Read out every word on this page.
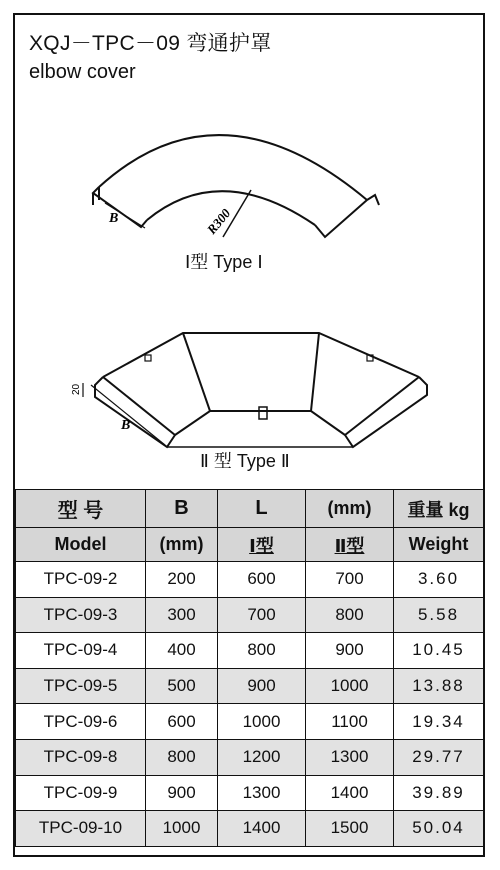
XQJ－TPC－09 弯通护罩
elbow cover
B	R300
20
B
Ⅰ型 Type Ⅰ
Ⅱ 型 Type Ⅱ
型 号	B	L	(mm)	重量 kg
Model	(mm)	Ⅰ型	Ⅱ型	Weight
TPC-09-2	200	600	700	3.60
TPC-09-3	300	700	800	5.58
TPC-09-4	400	800	900	10.45
TPC-09-5	500	900	1000	13.88
TPC-09-6	600	1000	1100	19.34
TPC-09-8	800	1200	1300	29.77
TPC-09-9	900	1300	1400	39.89
TPC-09-10	1000	1400	1500	50.04
